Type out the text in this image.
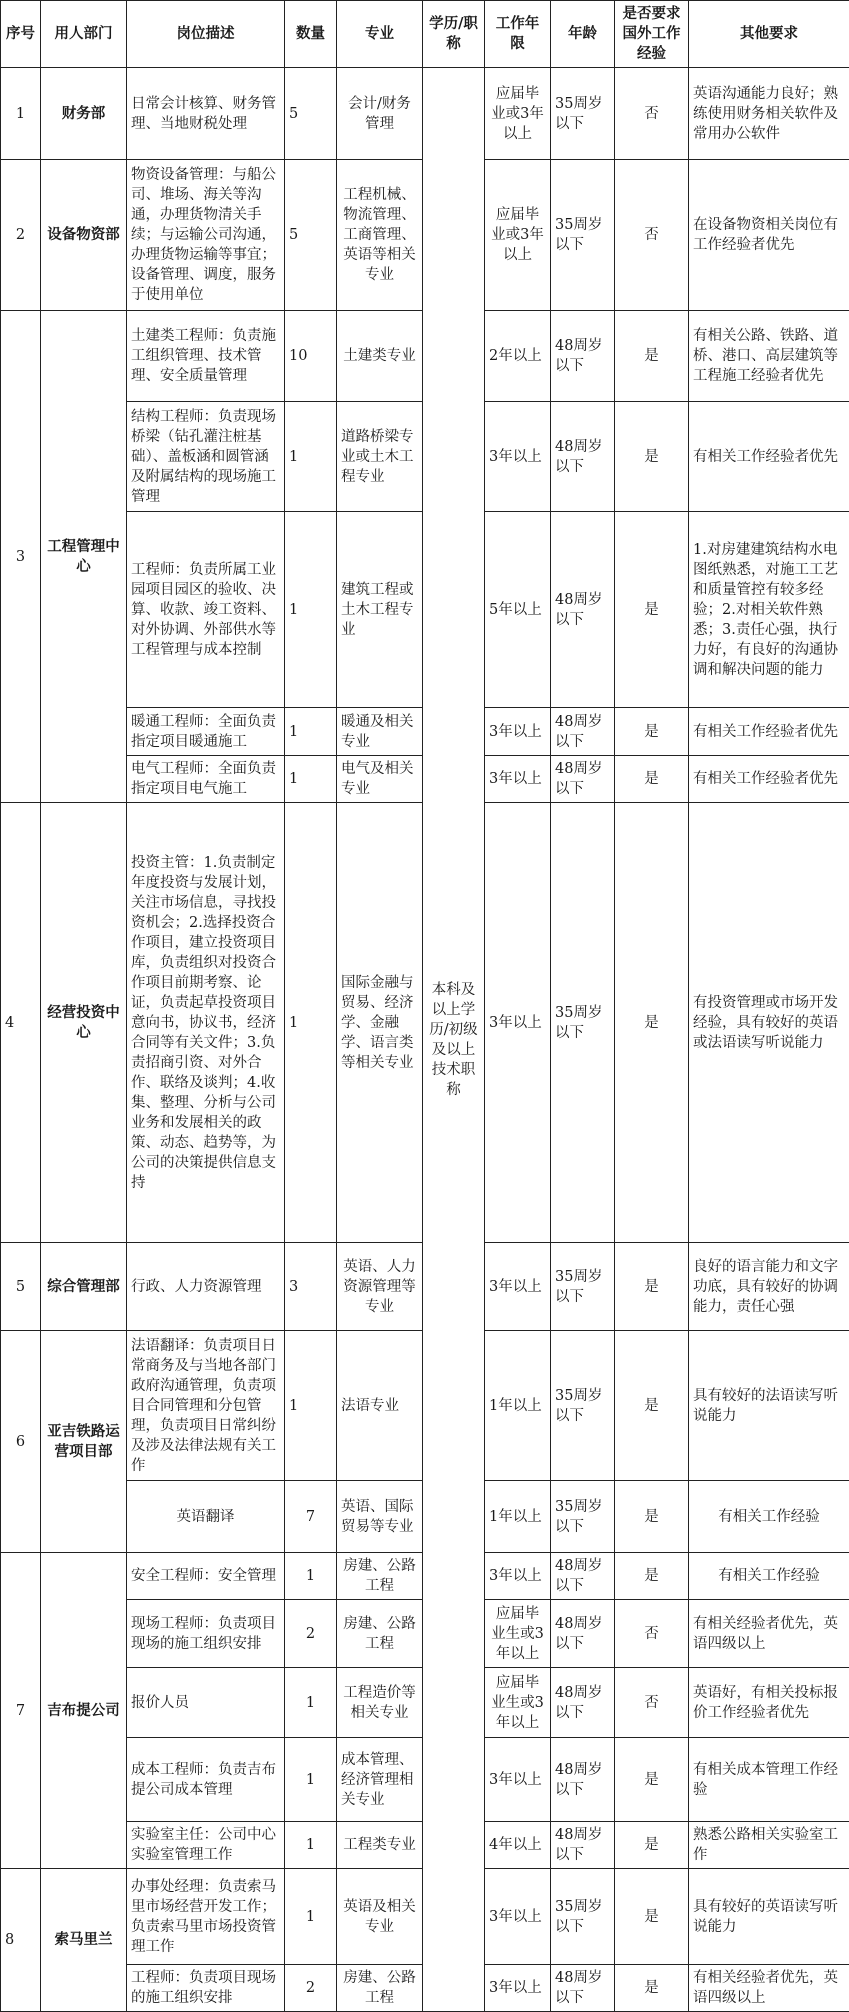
序号	用人部门	岗位描述	数量	专业	学历/职称	工作年限	年龄	是否要求国外工作经验	其他要求
1	财务部	日常会计核算、财务管理、当地财税处理	5	会计/财务管理	本科及以上学历/初级及以上技术职称	应届毕业或3年以上	35周岁以下	否	英语沟通能力良好；熟练使用财务相关软件及常用办公软件
2	设备物资部	物资设备管理：与船公司、堆场、海关等沟通，办理货物清关手续；与运输公司沟通，办理货物运输等事宜；设备管理、调度，服务于使用单位	5	工程机械、物流管理、工商管理、英语等相关专业		应届毕业或3年以上	35周岁以下	否	在设备物资相关岗位有工作经验者优先
3	工程管理中心	土建类工程师：负责施工组织管理、技术管理、安全质量管理	10	土建类专业		2年以上	48周岁以下	是	有相关公路、铁路、道桥、港口、高层建筑等工程施工经验者优先
		结构工程师：负责现场桥梁（钻孔灌注桩基础）、盖板涵和圆管涵及附属结构的现场施工管理	1	道路桥梁专业或土木工程专业		3年以上	48周岁以下	是	有相关工作经验者优先
		工程师：负责所属工业园项目园区的验收、决算、收款、竣工资料、对外协调、外部供水等工程管理与成本控制	1	建筑工程或土木工程专业		5年以上	48周岁以下	是	1.对房建建筑结构水电图纸熟悉，对施工工艺和质量管控有较多经验；2.对相关软件熟悉；3.责任心强，执行力好，有良好的沟通协调和解决问题的能力
		暖通工程师：全面负责指定项目暖通施工	1	暖通及相关专业		3年以上	48周岁以下	是	有相关工作经验者优先
		电气工程师：全面负责指定项目电气施工	1	电气及相关专业		3年以上	48周岁以下	是	有相关工作经验者优先
4	经营投资中心	投资主管：1.负责制定年度投资与发展计划，关注市场信息，寻找投资机会；2.选择投资合作项目，建立投资项目库，负责组织对投资合作项目前期考察、论证，负责起草投资项目意向书，协议书，经济合同等有关文件；3.负责招商引资、对外合作、联络及谈判；4.收集、整理、分析与公司业务和发展相关的政策、动态、趋势等，为公司的决策提供信息支持	1	国际金融与贸易、经济学、金融学、语言类等相关专业		3年以上	35周岁以下	是	有投资管理或市场开发经验，具有较好的英语或法语读写听说能力
5	综合管理部	行政、人力资源管理	3	英语、人力资源管理等专业		3年以上	35周岁以下	是	良好的语言能力和文字功底，具有较好的协调能力，责任心强
6	亚吉铁路运营项目部	法语翻译：负责项目日常商务及与当地各部门政府沟通管理，负责项目合同管理和分包管理，负责项目日常纠纷及涉及法律法规有关工作	1	法语专业		1年以上	35周岁以下	是	具有较好的法语读写听说能力
		英语翻译	7	英语、国际贸易等专业		1年以上	35周岁以下	是	有相关工作经验
7	吉布提公司	安全工程师：安全管理	1	房建、公路工程		3年以上	48周岁以下	是	有相关工作经验
		现场工程师：负责项目现场的施工组织安排	2	房建、公路工程		应届毕业生或3年以上	48周岁以下	否	有相关经验者优先，英语四级以上
		报价人员	1	工程造价等相关专业		应届毕业生或3年以上	48周岁以下	否	英语好，有相关投标报价工作经验者优先
		成本工程师：负责吉布提公司成本管理	1	成本管理、经济管理相关专业		3年以上	48周岁以下	是	有相关成本管理工作经验
		实验室主任：公司中心实验室管理工作	1	工程类专业		4年以上	48周岁以下	是	熟悉公路相关实验室工作
8	索马里兰	办事处经理：负责索马里市场经营开发工作；负责索马里市场投资管理工作	1	英语及相关专业		3年以上	35周岁以下	是	具有较好的英语读写听说能力
		工程师：负责项目现场的施工组织安排	2	房建、公路工程		3年以上	48周岁以下	是	有相关经验者优先，英语四级以上
